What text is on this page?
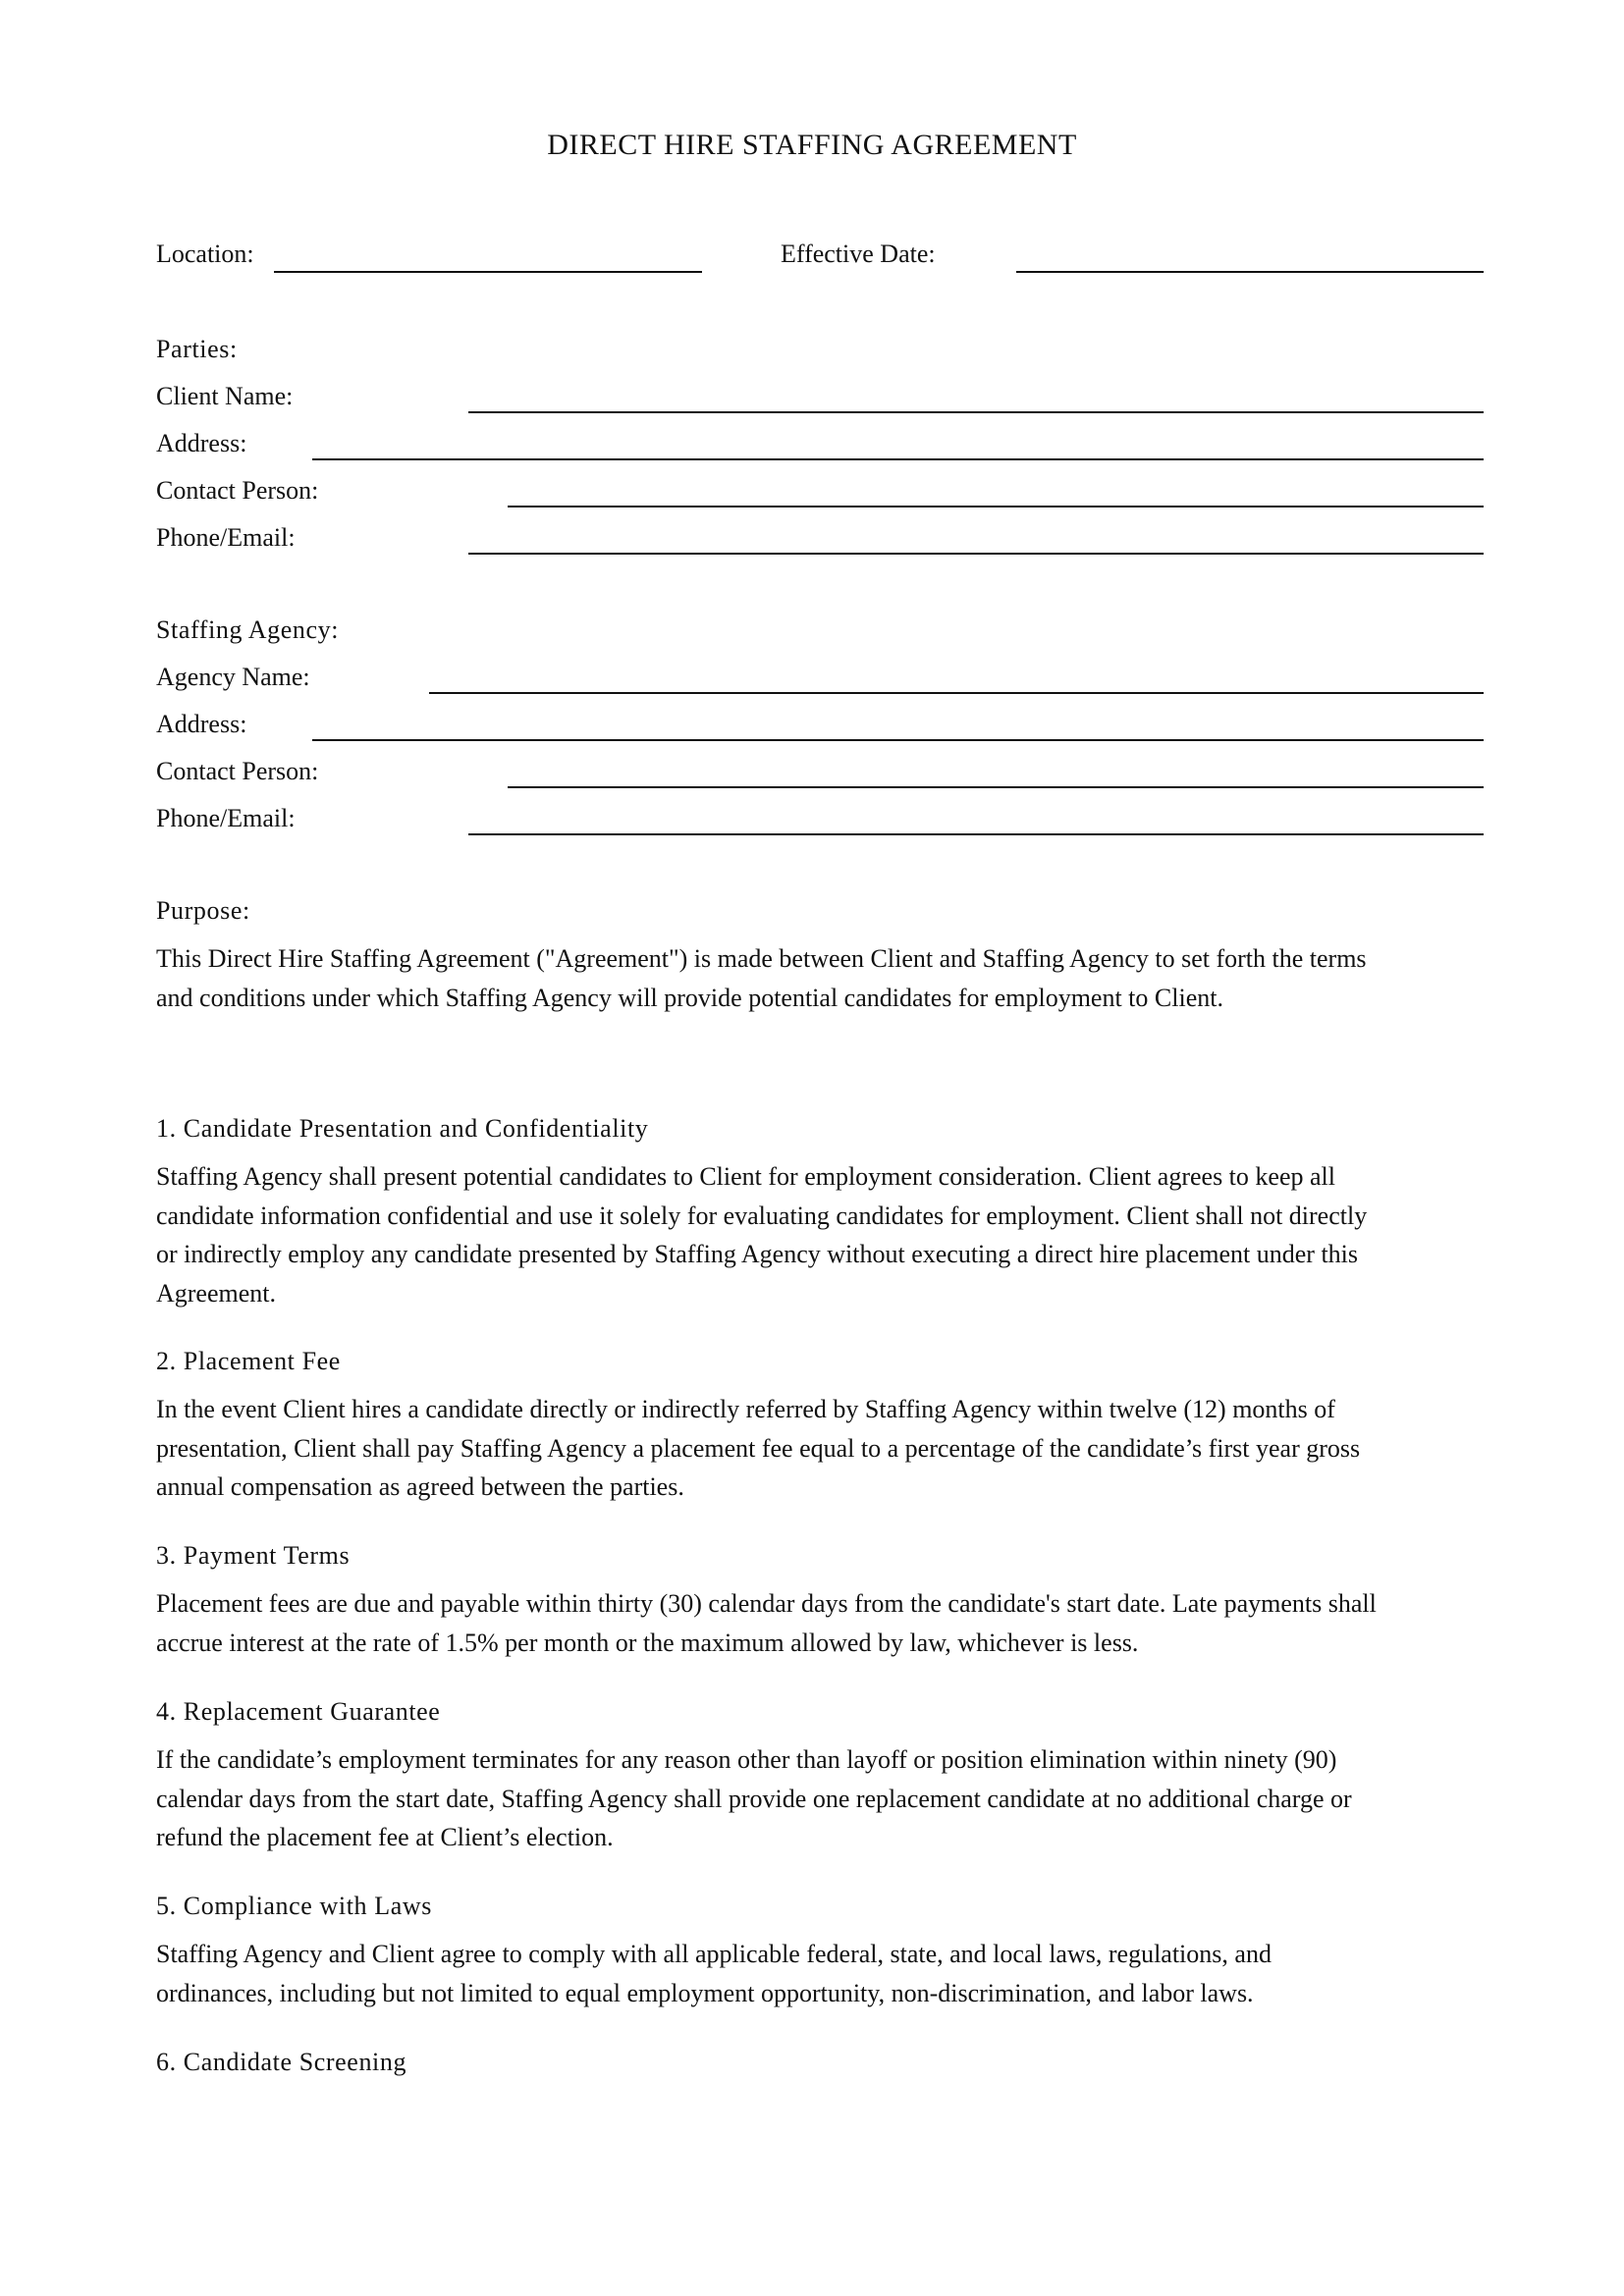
DIRECT HIRE STAFFING AGREEMENT
Location:	Effective Date:
Parties:
Client Name:
Address:
Contact Person:
Phone/Email:
Staffing Agency:
Agency Name:
Address:
Contact Person:
Phone/Email:
Purpose:
This Direct Hire Staffing Agreement ("Agreement") is made between Client and Staffing Agency to set forth the terms
and conditions under which Staffing Agency will provide potential candidates for employment to Client.
1. Candidate Presentation and Confidentiality
Staffing Agency shall present potential candidates to Client for employment consideration. Client agrees to keep all
candidate information confidential and use it solely for evaluating candidates for employment. Client shall not directly
or indirectly employ any candidate presented by Staffing Agency without executing a direct hire placement under this
Agreement.
2. Placement Fee
In the event Client hires a candidate directly or indirectly referred by Staffing Agency within twelve (12) months of
presentation, Client shall pay Staffing Agency a placement fee equal to a percentage of the candidate’s first year gross
annual compensation as agreed between the parties.
3. Payment Terms
Placement fees are due and payable within thirty (30) calendar days from the candidate's start date. Late payments shall
accrue interest at the rate of 1.5% per month or the maximum allowed by law, whichever is less.
4. Replacement Guarantee
If the candidate’s employment terminates for any reason other than layoff or position elimination within ninety (90)
calendar days from the start date, Staffing Agency shall provide one replacement candidate at no additional charge or
refund the placement fee at Client’s election.
5. Compliance with Laws
Staffing Agency and Client agree to comply with all applicable federal, state, and local laws, regulations, and
ordinances, including but not limited to equal employment opportunity, non-discrimination, and labor laws.
6. Candidate Screening
